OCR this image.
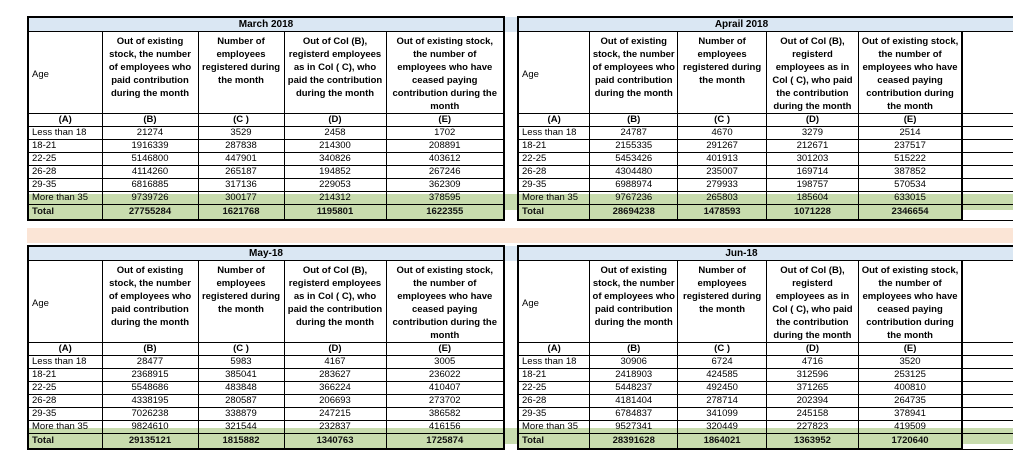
March 2018				
Age	Out of existing stock, the number of employees who paid contribution during the month	Number of employees registered during the month	Out of Col (B), registerd employees as in Col ( C), who paid the contribution during the month	Out of existing stock, the number of employees who have ceased paying contribution during the month
(A)	(B)	(C )	(D)	(E)
Less than 18	21274	3529	2458	1702
18-21	1916339	287838	214300	208891
22-25	5146800	447901	340826	403612
26-28	4114260	265187	194852	267246
29-35	6816885	317136	229053	362309
More than 35	9739726	300177	214312	378595
Total	27755284	1621768	1195801	1622355
Aprail 2018					
Age	Out of existing stock, the number of employees who paid contribution during the month	Number of employees registered during the month	Out of Col (B), registerd employees as in Col ( C), who paid the contribution during the month	Out of existing stock, the number of employees who have ceased paying contribution during the month	
(A)	(B)	(C )	(D)	(E)	
Less than 18	24787	4670	3279	2514	
18-21	2155335	291267	212671	237517	
22-25	5453426	401913	301203	515222	
26-28	4304480	235007	169714	387852	
29-35	6988974	279933	198757	570534	
More than 35	9767236	265803	185604	633015	
Total	28694238	1478593	1071228	2346654	
May-18				
Age	Out of existing stock, the number of employees who paid contribution during the month	Number of employees registered during the month	Out of Col (B), registerd employees as in Col ( C), who paid the contribution during the month	Out of existing stock, the number of employees who have ceased paying contribution during the month
(A)	(B)	(C )	(D)	(E)
Less than 18	28477	5983	4167	3005
18-21	2368915	385041	283627	236022
22-25	5548686	483848	366224	410407
26-28	4338195	280587	206693	273702
29-35	7026238	338879	247215	386582
More than 35	9824610	321544	232837	416156
Total	29135121	1815882	1340763	1725874
Jun-18					
Age	Out of existing stock, the number of employees who paid contribution during the month	Number of employees registered during the month	Out of Col (B), registerd employees as in Col ( C), who paid the contribution during the month	Out of existing stock, the number of employees who have ceased paying contribution during the month	
(A)	(B)	(C )	(D)	(E)	
Less than 18	30906	6724	4716	3520	
18-21	2418903	424585	312596	253125	
22-25	5448237	492450	371265	400810	
26-28	4181404	278714	202394	264735	
29-35	6784837	341099	245158	378941	
More than 35	9527341	320449	227823	419509	
Total	28391628	1864021	1363952	1720640	
